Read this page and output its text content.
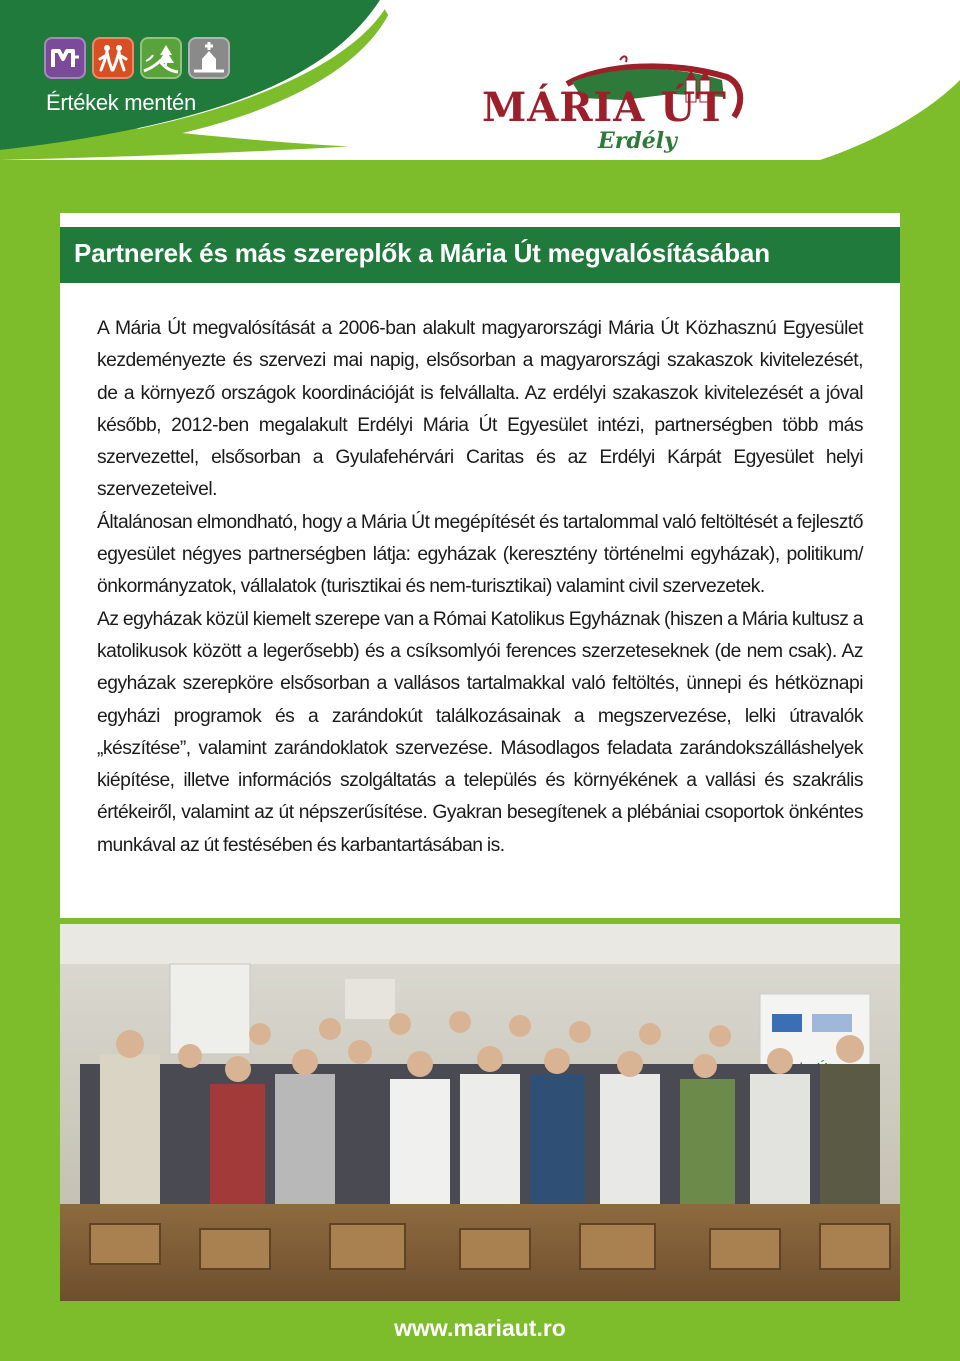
Értékek mentén	MÁRIA ÚT
Erdély
Partnerek és más szereplők a Mária Út megvalósításában

A Mária Út megvalósítását a 2006-ban alakult magyarországi Mária Út Közhasznú Egyesület kezdeményezte és szervezi mai napig, elsősorban a magyarországi szakaszok kivitelezését, de a környező országok koordinációját is felvállalta. Az erdélyi szakaszok kivitelezését a jóval később, 2012-ben megalakult Erdélyi Mária Út Egyesület intézi, partnerségben több más szervezettel, elsősorban a Gyulafehérvári Caritas és az Erdélyi Kárpát Egyesület helyi szervezeteivel.

Általánosan elmondható, hogy a Mária Út megépítését és tartalommal való feltöltését a fejlesztő egyesület négyes partnerségben látja: egyházak (keresztény történelmi egyházak), politikum/önkormányzatok, vállalatok (turisztikai és nem-turisztikai) valamint civil szervezetek.

Az egyházak közül kiemelt szerepe van a Római Katolikus Egyháznak (hiszen a Mária kultusz a katolikusok között a legerősebb) és a csíksomlyói ferences szerzeteseknek (de nem csak). Az egyházak szerepköre elsősorban a vallásos tartalmakkal való feltöltés, ünnepi és hétköznapi egyházi programok és a zarándokút találkozásainak a megszervezése, lelki útravalók „készítése”, valamint zarándoklatok szervezése. Másodlagos feladata zarándokszálláshelyek kiépítése, illetve információs szolgáltatás a település és környékének a vallási és szakrális értékeiről, valamint az út népszerűsítése. Gyakran besegítenek a plébániai csoportok önkéntes munkával az út festésében és karbantartásában is.

www.mariaut.ro
